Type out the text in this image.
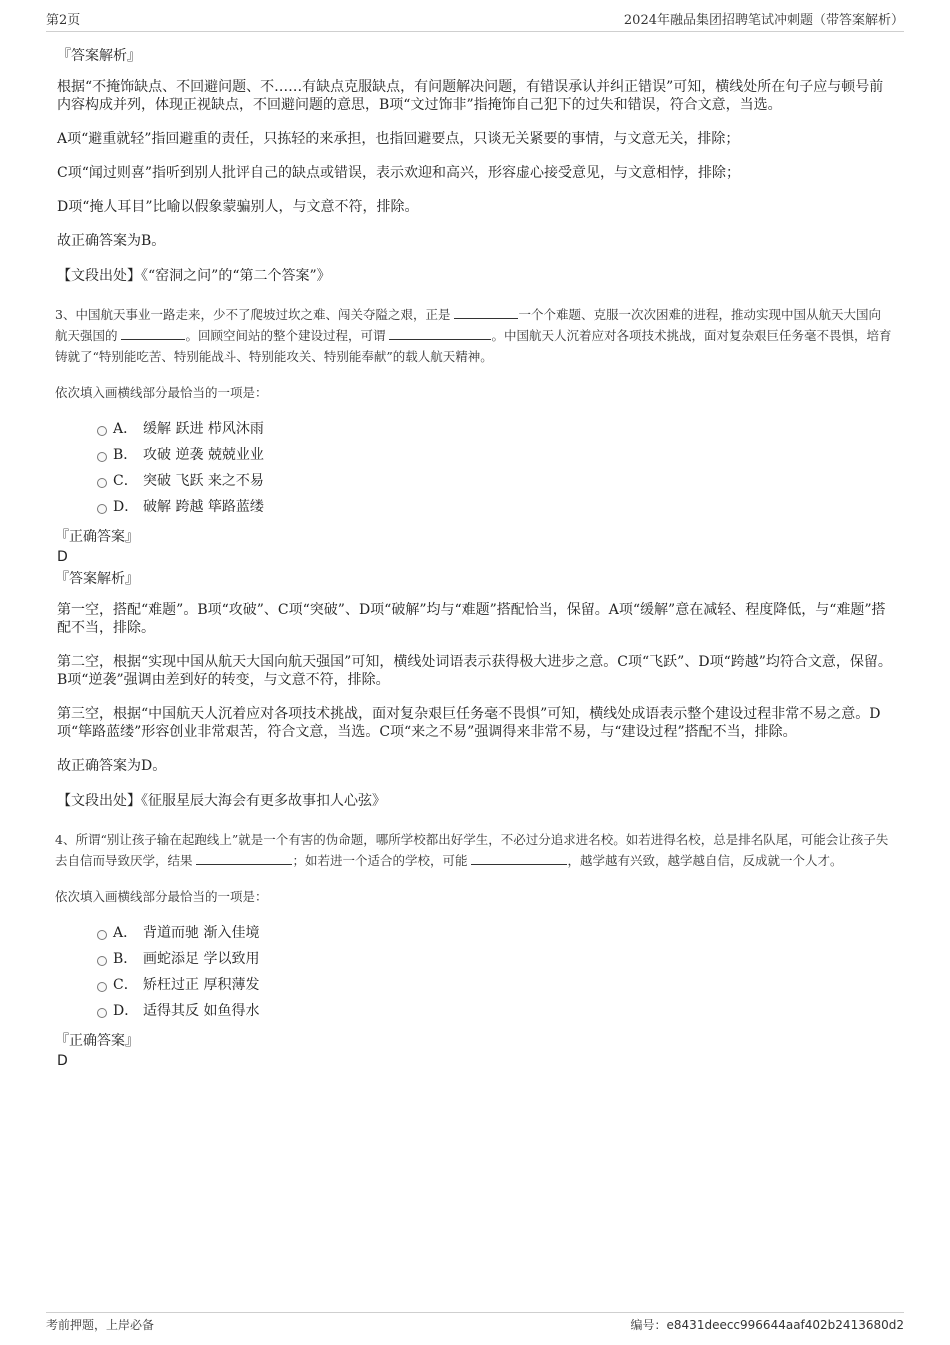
第2页	2024年融品集团招聘笔试冲刺题（带答案解析）
『答案解析』

根据“不掩饰缺点、不回避问题、不……有缺点克服缺点，有问题解决问题，有错误承认并纠正错误”可知，横线处所在句子应与顿号前内容构成并列，体现正视缺点，不回避问题的意思，B项“文过饰非”指掩饰自己犯下的过失和错误，符合文意，当选。

A项“避重就轻”指回避重的责任，只拣轻的来承担，也指回避要点，只谈无关紧要的事情，与文意无关，排除；

C项“闻过则喜”指听到别人批评自己的缺点或错误，表示欢迎和高兴，形容虚心接受意见，与文意相悖，排除；

D项“掩人耳目”比喻以假象蒙骗别人，与文意不符，排除。

故正确答案为B。

【文段出处】《“窑洞之问”的“第二个答案”》

3、中国航天事业一路走来，少不了爬坡过坎之难、闯关夺隘之艰，正是	一个个难题、克服一次次困难的进程，推动实现中国从航天大国向航天强国的	。回顾空间站的整个建设过程，可谓	。中国航天人沉着应对各项技术挑战，面对复杂艰巨任务毫不畏惧，培育铸就了“特别能吃苦、特别能战斗、特别能攻关、特别能奉献”的载人航天精神。

依次填入画横线部分最恰当的一项是：

A． 缓解 跃进 栉风沐雨
B． 攻破 逆袭 兢兢业业
C． 突破 飞跃 来之不易
D． 破解 跨越 筚路蓝缕
『正确答案』
D
『答案解析』

第一空，搭配“难题”。B项“攻破”、C项“突破”、D项“破解”均与“难题”搭配恰当，保留。A项“缓解”意在减轻、程度降低，与“难题”搭配不当，排除。

第二空，根据“实现中国从航天大国向航天强国”可知，横线处词语表示获得极大进步之意。C项“飞跃”、D项“跨越”均符合文意，保留。B项“逆袭”强调由差到好的转变，与文意不符，排除。

第三空，根据“中国航天人沉着应对各项技术挑战，面对复杂艰巨任务毫不畏惧”可知，横线处成语表示整个建设过程非常不易之意。D项“筚路蓝缕”形容创业非常艰苦，符合文意，当选。C项“来之不易”强调得来非常不易，与“建设过程”搭配不当，排除。

故正确答案为D。

【文段出处】《征服星辰大海会有更多故事扣人心弦》

4、所谓“别让孩子输在起跑线上”就是一个有害的伪命题，哪所学校都出好学生，不必过分追求进名校。如若进得名校，总是排名队尾，可能会让孩子失去自信而导致厌学，结果	；如若进一个适合的学校，可能	，越学越有兴致，越学越自信，反成就一个人才。

依次填入画横线部分最恰当的一项是：

A． 背道而驰 渐入佳境
B． 画蛇添足 学以致用
C． 矫枉过正 厚积薄发
D． 适得其反 如鱼得水
『正确答案』
D
考前押题，上岸必备	编号：e8431deecc996644aaf402b2413680d2
